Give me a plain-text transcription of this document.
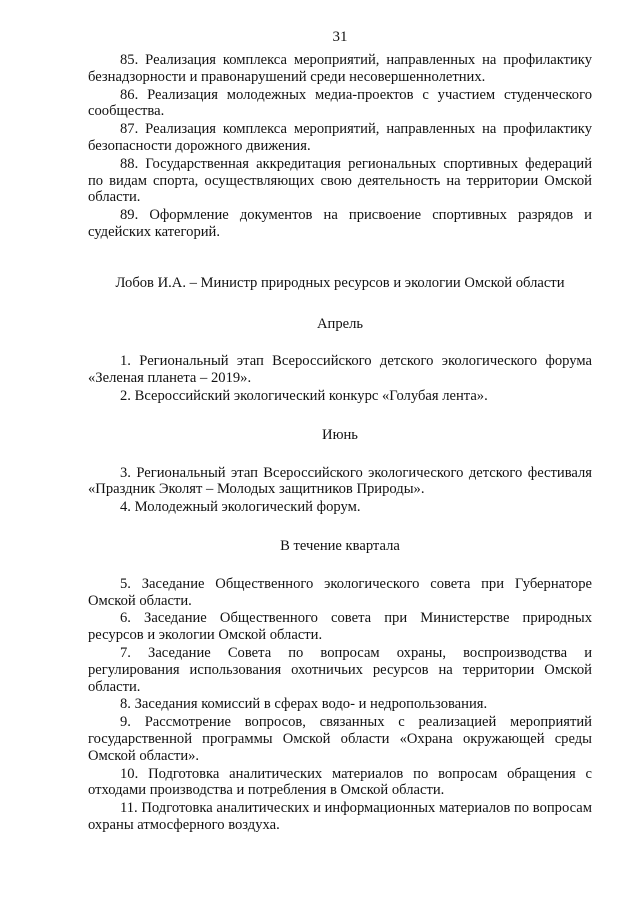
31

85. Реализация комплекса мероприятий, направленных на профилактику безнадзорности и правонарушений среди несовершеннолетних.

86. Реализация молодежных медиа-проектов с участием студенческого сообщества.

87. Реализация комплекса мероприятий, направленных на профилактику безопасности дорожного движения.

88. Государственная аккредитация региональных спортивных федераций по видам спорта, осуществляющих свою деятельность на территории Омской области.

89. Оформление документов на присвоение спортивных разрядов и судейских категорий.

Лобов И.А. – Министр природных ресурсов и экологии Омской области

Апрель

1. Региональный этап Всероссийского детского экологического форума «Зеленая планета – 2019».

2. Всероссийский экологический конкурс «Голубая лента».

Июнь

3. Региональный этап Всероссийского экологического детского фестиваля «Праздник Эколят – Молодых защитников Природы».

4. Молодежный экологический форум.

В течение квартала

5. Заседание Общественного экологического совета при Губернаторе Омской области.

6. Заседание Общественного совета при Министерстве природных ресурсов и экологии Омской области.

7. Заседание Совета по вопросам охраны, воспроизводства и регулирования использования охотничьих ресурсов на территории Омской области.

8. Заседания комиссий в сферах водо- и недропользования.

9. Рассмотрение вопросов, связанных с реализацией мероприятий государственной программы Омской области «Охрана окружающей среды Омской области».

10. Подготовка аналитических материалов по вопросам обращения с отходами производства и потребления в Омской области.

11. Подготовка аналитических и информационных материалов по вопросам охраны атмосферного воздуха.
